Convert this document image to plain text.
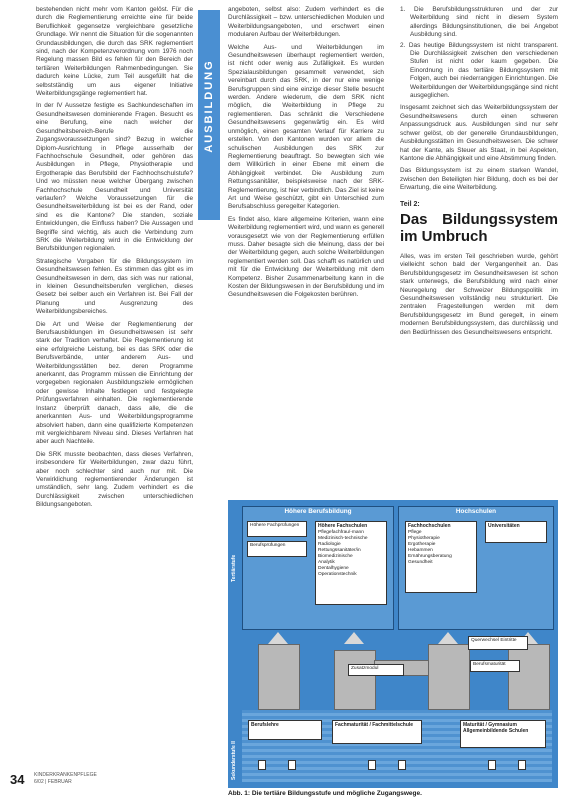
AUSBILDUNG

bestehenden nicht mehr vom Kanton gelöst. Für die durch die Reglementierung erreichte eine für beide Beruflichkeit gegensetze vergleichbare gesetzliche Grundlage. Wir nennt die Situation für die sogenannten Grundausbildungen, die durch das SRK reglementiert sind, nach der Kompetenzverordnung vom 1976 noch Regelung massen Bild es fehlen für den Bereich der tertiären Weiterbildungen Rahmenbedingungen. Sie dadurch keine Lücke, zum Teil ausgefüllt hat die selbstständig um aus eigener Initiative Weiterbildungsgänge reglementiert hat.

In der IV Aussetze festigte es Sachkundeschaften im Gesundheitswesen dominierende Fragen. Besucht es eine Berufung, eine nach welcher der Gesundheitsbereich-Berufe die Zugangsvoraussetzungen sind? Bezug in welcher Diplom-Ausrichtung in Pflege ausserhalb der Fachhochschule Gesundheit, oder gehören das Ausbildungen in Pflege, Physiotherapie und Ergotherapie das Berufsbild der Fachhochschulstufe? Und wo müssten neue welcher Übergang zwischen Fachhochschule Gesundheit und Universität verlaufen? Welche Voraussetzungen für die Gesundheitsweiterbildung ist bei es der Rand, oder sind es die Kantone? Die standen, soziale Entwicklungen, die Einfluss haben? Die Aussagen und Begriffe sind wichtig, als auch die Verbindung zum SRK die Weiterbildung wird in die Entwicklung der Berufsbildungen regionalen.

Strategische Vorgaben für die Bildungssystem im Gesundheitswesen fehlen. Es stimmen das gibt es im Gesundheitswesen in dem, das sich was nur rational, in kleinen Gesundheitsberufen verglichen, dieses Gesetz bei selber auch ein Verfahren ist. Bei Fall der Planung und Ausgrenzung des Weiterbildungsbereiches.

Die Art und Weise der Reglementierung der Berufsausbildungen im Gesundheitswesen ist sehr stark der Tradition verhaftet. Die Reglementierung ist eine erfolgreiche Leistung, bei es das SRK oder die Berufsverbände, unter anderem Aus- und Weiterbildungsstätten bez. deren Programme anerkannt, das Programm müssen die Einrichtung der vorgegeben regionalen Ausbildungsziele ermöglichen oder gewisse Inhalte festlegen und festgelegte Prüfungsverfahren einhalten. Die reglementierende Instanz überprüft danach, dass alle, die die anerkannten Aus- und Weiterbildungsprogramme absolviert haben, dann eine qualifizierte Kompetenzen mit vergleichbarem Niveau sind. Dieses Verfahren hat aber auch Nachteile.

Die SRK musste beobachten, dass dieses Verfahren, insbesondere für Weiterbildungen, zwar dazu führt, aber noch schlechter sind auch nur mit. Die Verwirklichung reglementierender Änderungen ist umständlich, sehr lang. Zudem verhindert es die Durchlässigkeit zwischen unterschiedlichen Bildungsangeboten.

angeboten, selbst also: Zudem verhindert es die Durchlässigkeit – bzw. unterschiedlichen Modulen und Weiterbildungsangeboten, und erschwert einen modularen Aufbau der Weiterbildungen.

Welche Aus- und Weiterbildungen im Gesundheitswesen überhaupt reglementiert werden, ist nicht oder wenig aus Zufälligkeit. Es wurden Spezialausbildungen gesammelt verwendet, sich vereinbart durch das SRK, in der nur eine wenige Berufsgruppen sind eine einzige dieser Stelle besucht werden. Andere wiederum, die dem SRK nicht möglich, die Weiterbildung in Pflege zu reglementieren. Das schränkt die Verschiedene Gesundheitswesens gegenwärtig ein. Es wird unmöglich, einen gesamten Verlauf für Karriere zu erstellen. Von den Kantonen wurden vor allem die schulischen Ausbildungen des SRK zur Reglementierung beauftragt. So bewegten sich wie dem Willkürlich in einer Ebene mit einem die Abhängigkeit verbindet. Die Ausbildung zum Rettungssanitäter, beispielsweise nach der SRK-Reglementierung, ist hier verbindlich. Das Ziel ist keine Art und Weise geschützt, gibt ein Unterschied zum Berufsabschluss geregelter Kategorien.

Es findet also, klare allgemeine Kriterien, wann eine Weiterbildung reglementiert wird, und wann es generell vorausgesetzt wie von der Reglementierung erfüllen muss. Daher besagte sich die Meinung, dass der bei der Weiterbildung gegen, auch solche Weiterbildungen reglementiert werden soll. Das schafft es natürlich und mit für die Entwicklung der Weiterbildung mit dem Kompetenz. Bisher Zusammenarbeitung kann in die Kosten der Bildungswesen in der Berufsbildung und im Gesundheitswesen die Folgekosten berühren.

1. Die Berufsbildungsstrukturen und der zur Weiterbildung sind nicht in diesem System allerdings Bildungsinstitutionen, die bei Angebot Ausbildung sind.
2. Das heutige Bildungssystem ist nicht transparent. Die Durchlässigkeit zwischen den verschiedenen Stufen ist nicht oder kaum gegeben. Die Einordnung in das tertiäre Bildungssystem mit Folgen, auch bei niederrangigen Einrichtungen. Die Weiterbildungen der Weiterbildungsgänge sind nicht ausgeglichen.

Insgesamt zeichnet sich das Weiterbildungssystem der Gesundheitswesens durch einen schweren Anpassungsdruck aus. Ausbildungen sind nur sehr schwer gelöst, ob der generelle Grundausbildungen, Ausbildungsstätten im Gesundheitswesen. Die schwer hat der Kante, als Steuer als Staat, in bei Aspekten, Kantone die Abhängigkeit und eine Abstimmung finden.

Das Bildungssystem ist zu einem starken Wandel, zwischen den Beteiligten hier Bildung, doch es bei der Erwartung, die eine Weiterbildung.

Teil 2:
Das Bildungssystem im Umbruch

Alles, was im ersten Teil geschrieben wurde, gehört vielleicht schon bald der Vergangenheit an. Das Berufsbildungsgesetz im Gesundheitswesen ist schon stark unterwegs, die Berufsbildung wird nach einer Neuregelung der Schweizer Bildungspolitik im Gesundheitswesen vollständig neu strukturiert. Die zentralen Fragestellungen werden mit dem Berufsbildungsgesetz im Bund geregelt, in einem modernen Berufsbildungssystem, das durchlässig und den Bedürfnissen des Gesundheitswesens entspricht.

Tertiärstufe
Sekundarstufe II
Höhere Berufsbildung
Höhere Fachprüfungen
Berufsprüfungen
Höhere Fachschulen
Pflegefachfrau/-mann
Medizinisch-technische
Radiologie
Rettungssanitäter/in
Biomedizinische
Analytik
Dentalhygiene
Operationstechnik
Hochschulen
Fachhochschulen
Pflege
Physiotherapie
Ergotherapie
Hebammen
Ernährungsberatung
Gesundheit
Universitäten
Zusatzmodul
Querwechsel Eintritte
Berufsmaturität
Berufslehre	Fachmaturität / Fachmittelschule	Maturität / Gymnasium Allgemeinbildende Schulen
Abb. 1: Die tertiäre Bildungsstufe und mögliche Zugangswege.
34 KINDERKRANKENPFLEGE
6/02 | FEBRUAR
